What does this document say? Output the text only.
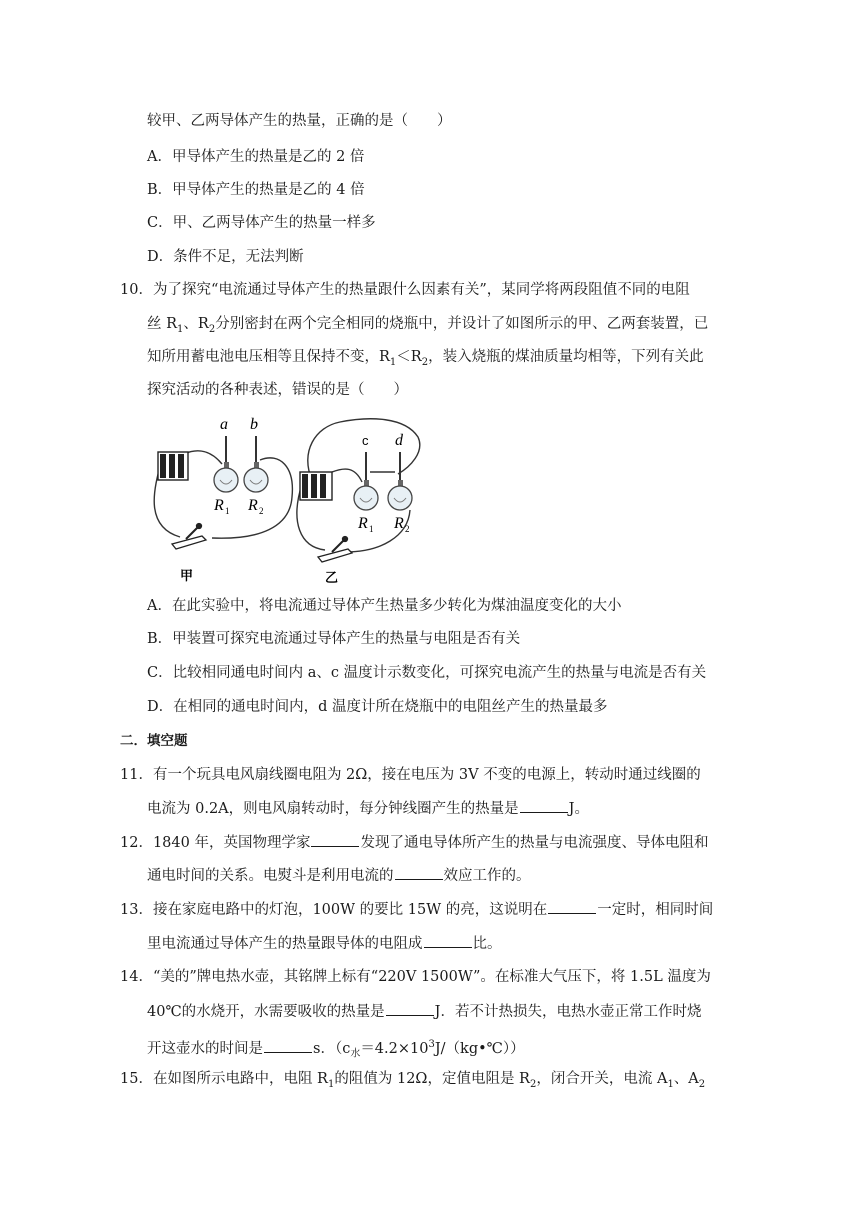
较甲、乙两导体产生的热量，正确的是（　　）
A．甲导体产生的热量是乙的 2 倍
B．甲导体产生的热量是乙的 4 倍
C．甲、乙两导体产生的热量一样多
D．条件不足，无法判断
10．为了探究“电流通过导体产生的热量跟什么因素有关”，某同学将两段阻值不同的电阻
丝 $R_1$、$R_2$分别密封在两个完全相同的烧瓶中，并设计了如图所示的甲、乙两套装置，已
知所用蓄电池电压相等且保持不变，$R_1<R_2$，装入烧瓶的煤油质量均相等，下列有关此
探究活动的各种表述，错误的是（　　）
a b
c d
R 1 R 2
R 1 R 2
甲	乙
A．在此实验中，将电流通过导体产生热量多少转化为煤油温度变化的大小
B．甲装置可探究电流通过导体产生的热量与电阻是否有关
C．比较相同通电时间内 a、c 温度计示数变化，可探究电流产生的热量与电流是否有关
D．在相同的通电时间内，d 温度计所在烧瓶中的电阻丝产生的热量最多
二．填空题
11．有一个玩具电风扇线圈电阻为 2Ω，接在电压为 3V 不变的电源上，转动时通过线圈的
电流为 0.2A，则电风扇转动时，每分钟线圈产生的热量是	J。
12．1840 年，英国物理学家	发现了通电导体所产生的热量与电流强度、导体电阻和
通电时间的关系。电熨斗是利用电流的	效应工作的。
13．接在家庭电路中的灯泡，100W 的要比 15W 的亮，这说明在	一定时，相同时间
里电流通过导体产生的热量跟导体的电阻成	比。
14．“美的”牌电热水壶，其铭牌上标有“220V 1500W”。在标准大气压下，将 1.5L 温度为
40℃的水烧开，水需要吸收的热量是	J．若不计热损失，电热水壶正常工作时烧
开这壶水的时间是	s．$(c_水=4.2\times 10^3J/(kg•℃))$
15．在如图所示电路中，电阻 $R_1$的阻值为 12Ω，定值电阻是 $R_2$，闭合开关，电流 $A_1$、$A_2$
